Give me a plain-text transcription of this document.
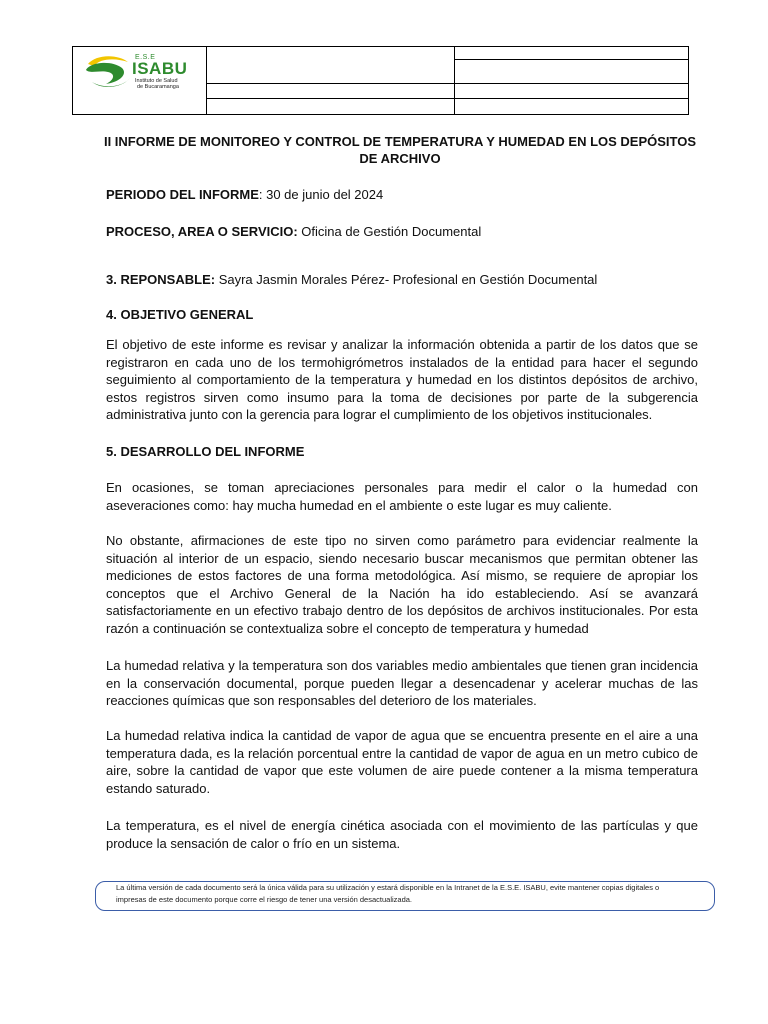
E.S.E
ISABU
Instituto de Salud
de Bucaramanga
II INFORME DE MONITOREO Y CONTROL DE TEMPERATURA Y HUMEDAD EN LOS DEPÓSITOS DE ARCHIVO
PERIODO DEL INFORME: 30 de junio del 2024
PROCESO, AREA O SERVICIO: Oficina de Gestión Documental
3. REPONSABLE: Sayra Jasmin Morales Pérez- Profesional en Gestión Documental
4. OBJETIVO GENERAL

El objetivo de este informe es revisar y analizar la información obtenida a partir de los datos que se registraron en cada uno de los termohigrómetros instalados de la entidad para hacer el segundo seguimiento al comportamiento de la temperatura y humedad en los distintos depósitos de archivo, estos registros sirven como insumo para la toma de decisiones por parte de la subgerencia administrativa junto con la gerencia para lograr el cumplimiento de los objetivos institucionales.

5. DESARROLLO DEL INFORME

En ocasiones, se toman apreciaciones personales para medir el calor o la humedad con aseveraciones como: hay mucha humedad en el ambiente o este lugar es muy caliente.

No obstante, afirmaciones de este tipo no sirven como parámetro para evidenciar realmente la situación al interior de un espacio, siendo necesario buscar mecanismos que permitan obtener las mediciones de estos factores de una forma metodológica. Así mismo, se requiere de apropiar los conceptos que el Archivo General de la Nación ha ido estableciendo. Así se avanzará satisfactoriamente en un efectivo trabajo dentro de los depósitos de archivos institucionales. Por esta razón a continuación se contextualiza sobre el concepto de temperatura y humedad

La humedad relativa y la temperatura son dos variables medio ambientales que tienen gran incidencia en la conservación documental, porque pueden llegar a desencadenar y acelerar muchas de las reacciones químicas que son responsables del deterioro de los materiales.

La humedad relativa indica la cantidad de vapor de agua que se encuentra presente en el aire a una temperatura dada, es la relación porcentual entre la cantidad de vapor de agua en un metro cubico de aire, sobre la cantidad de vapor que este volumen de aire puede contener a la misma temperatura estando saturado.

La temperatura, es el nivel de energía cinética asociada con el movimiento de las partículas y que produce la sensación de calor o frío en un sistema.

La última versión de cada documento será la única válida para su utilización y estará disponible en la Intranet de la E.S.E. ISABU, evite mantener copias digitales o
impresas de este documento porque corre el riesgo de tener una versión desactualizada.
